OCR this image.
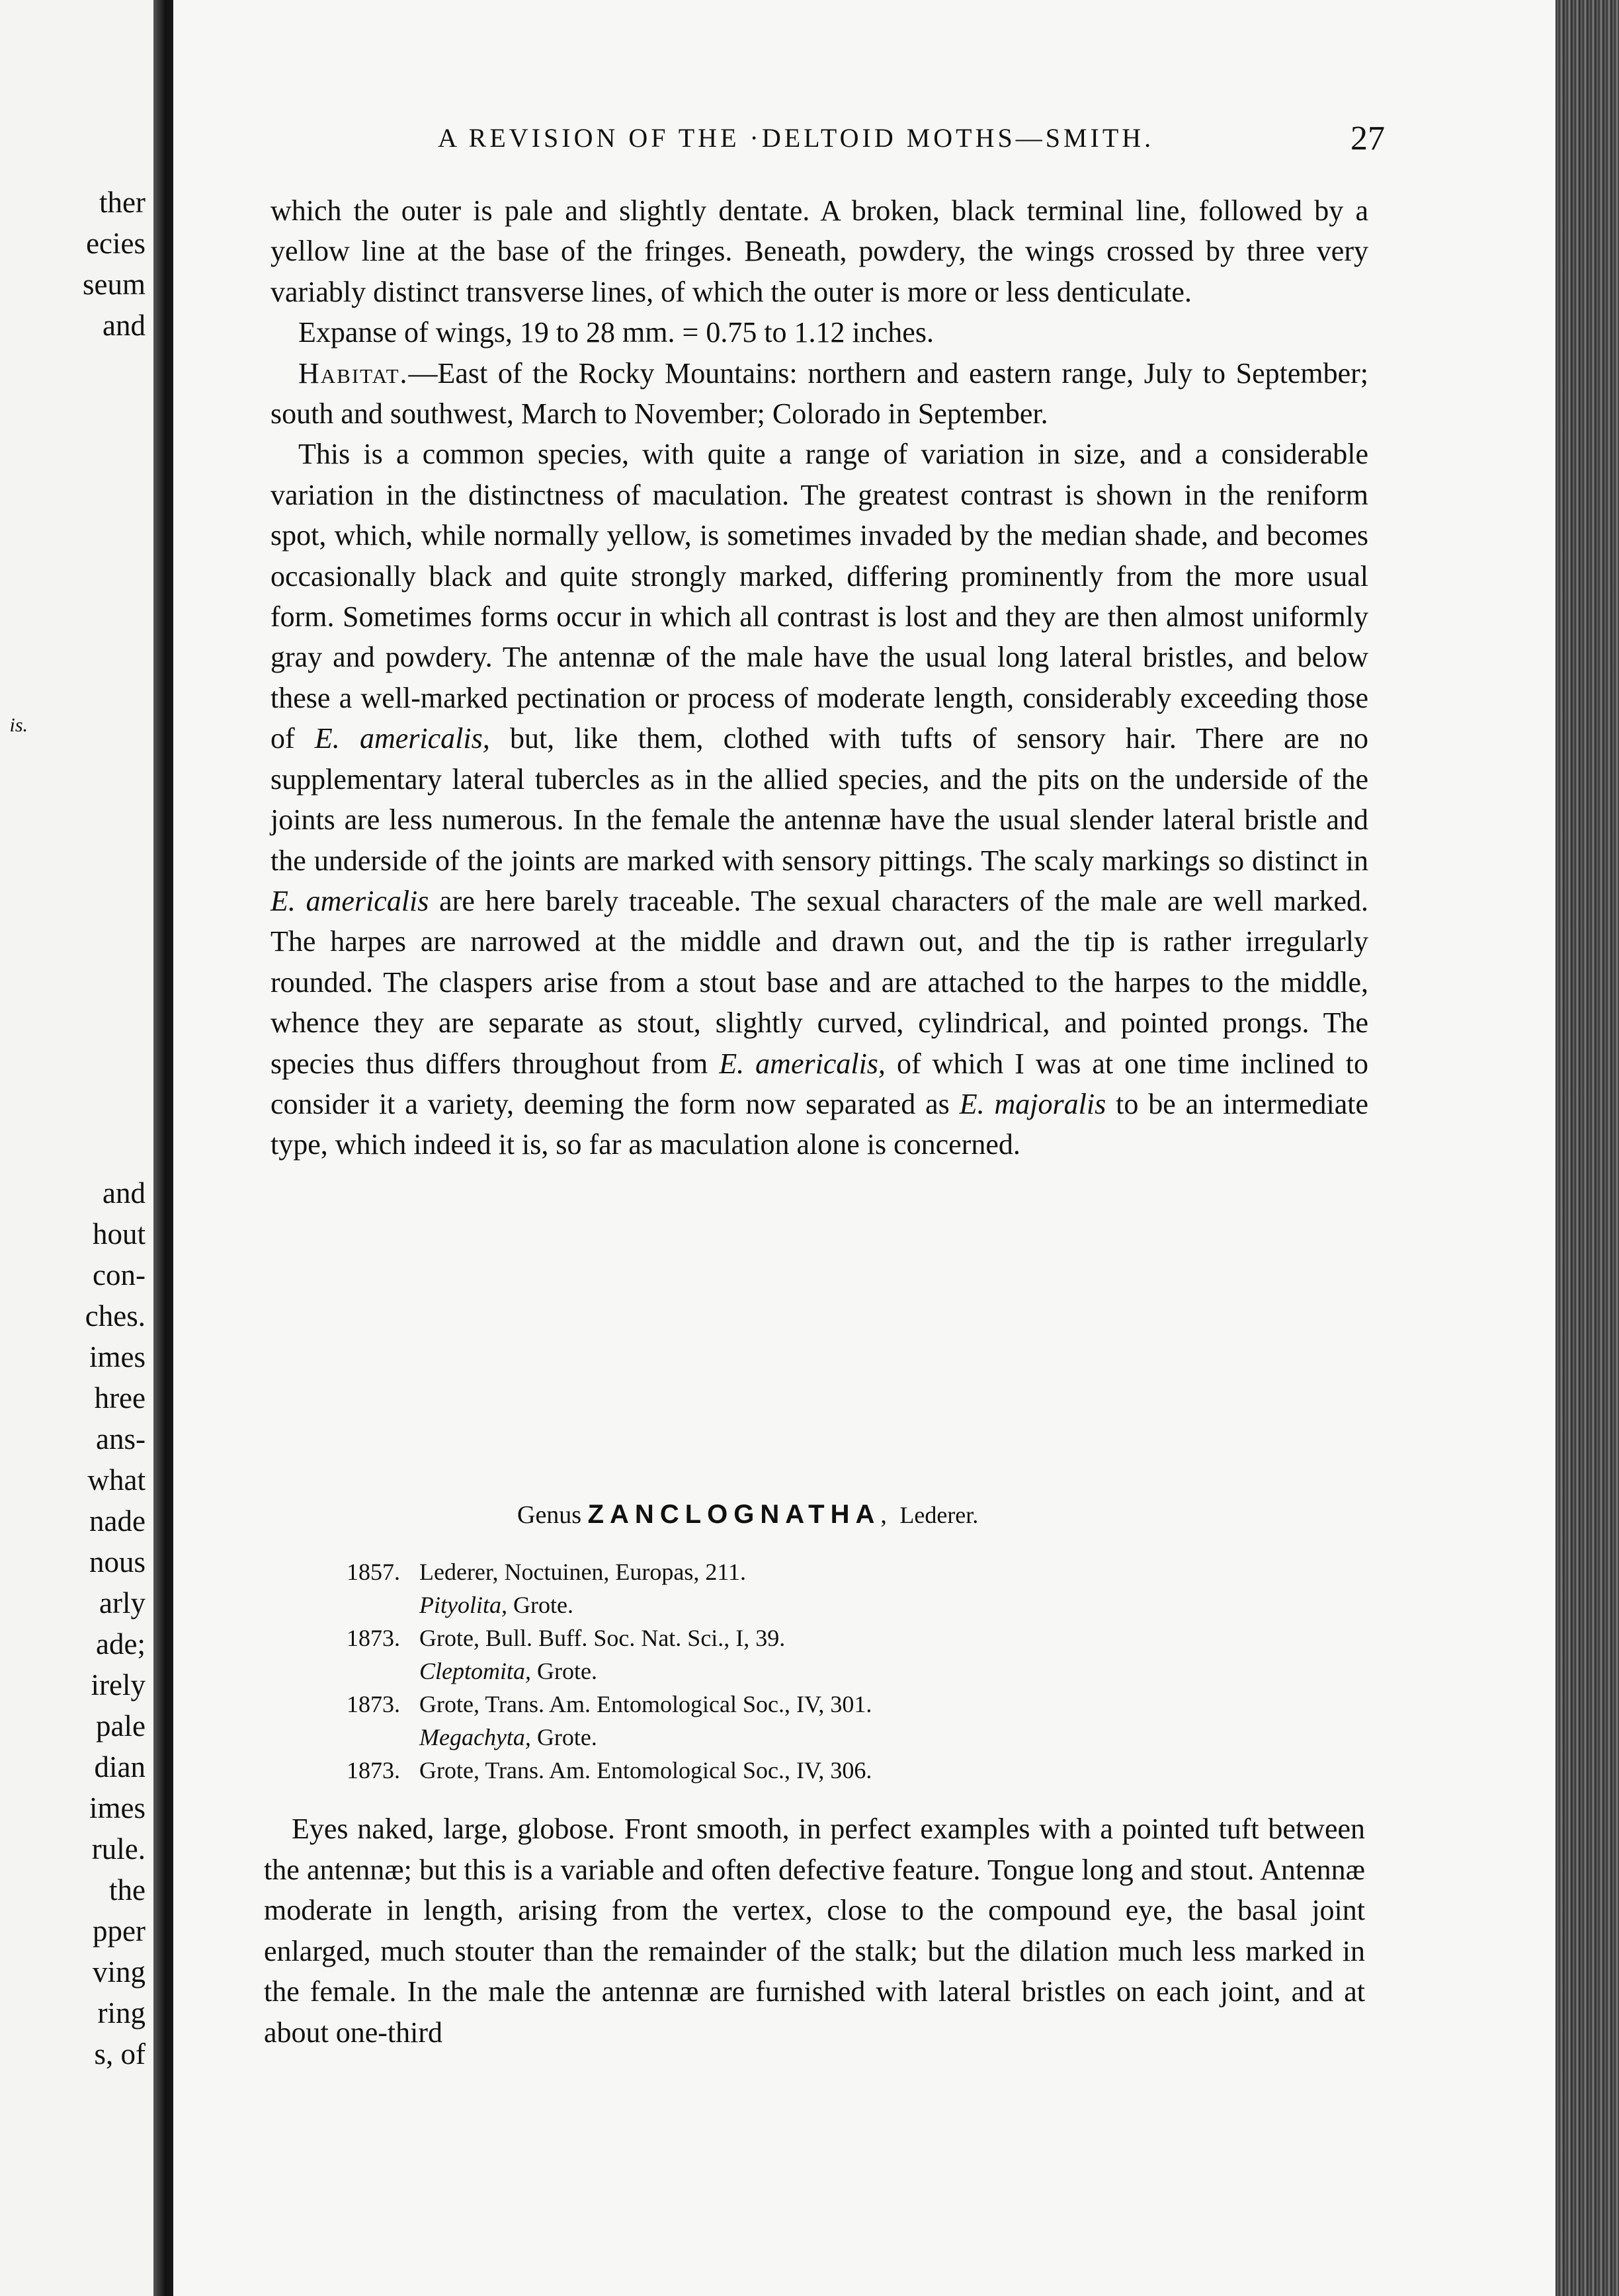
ther
ecies
seum
and
is.
and
hout
con-
ches.
imes
hree
ans-
what
nade
nous
arly
ade;
irely
pale
dian
imes
rule.
the
pper
ving
ring
s, of
A REVISION OF THE ·DELTOID MOTHS—SMITH.	27

which the outer is pale and slightly dentate. A broken, black terminal line, followed by a yellow line at the base of the fringes. Beneath, powdery, the wings crossed by three very variably distinct transverse lines, of which the outer is more or less denticulate.

Expanse of wings, 19 to 28 mm. = 0.75 to 1.12 inches.

Habitat.—East of the Rocky Mountains: northern and eastern range, July to September; south and southwest, March to November; Colorado in September.

This is a common species, with quite a range of variation in size, and a considerable variation in the distinctness of maculation. The greatest contrast is shown in the reniform spot, which, while normally yellow, is sometimes invaded by the median shade, and becomes occasionally black and quite strongly marked, differing prominently from the more usual form. Sometimes forms occur in which all contrast is lost and they are then almost uniformly gray and powdery. The antennæ of the male have the usual long lateral bristles, and below these a well-marked pectination or process of moderate length, considerably exceeding those of E. americalis, but, like them, clothed with tufts of sensory hair. There are no supplementary lateral tubercles as in the allied species, and the pits on the underside of the joints are less numerous. In the female the antennæ have the usual slender lateral bristle and the underside of the joints are marked with sensory pittings. The scaly markings so distinct in E. americalis are here barely traceable. The sexual characters of the male are well marked. The harpes are narrowed at the middle and drawn out, and the tip is rather irregularly rounded. The claspers arise from a stout base and are attached to the harpes to the middle, whence they are separate as stout, slightly curved, cylindrical, and pointed prongs. The species thus differs throughout from E. americalis, of which I was at one time inclined to consider it a variety, deeming the form now separated as E. majoralis to be an intermediate type, which indeed it is, so far as maculation alone is concerned.

Genus ZANCLOGNATHA, Lederer.
1857. Lederer, Noctuinen, Europas, 211.
Pityolita, Grote.
1873. Grote, Bull. Buff. Soc. Nat. Sci., I, 39.
Cleptomita, Grote.
1873. Grote, Trans. Am. Entomological Soc., IV, 301.
Megachyta, Grote.
1873. Grote, Trans. Am. Entomological Soc., IV, 306.

Eyes naked, large, globose. Front smooth, in perfect examples with a pointed tuft between the antennæ; but this is a variable and often defective feature. Tongue long and stout. Antennæ moderate in length, arising from the vertex, close to the compound eye, the basal joint enlarged, much stouter than the remainder of the stalk; but the dilation much less marked in the female. In the male the antennæ are furnished with lateral bristles on each joint, and at about one-third
